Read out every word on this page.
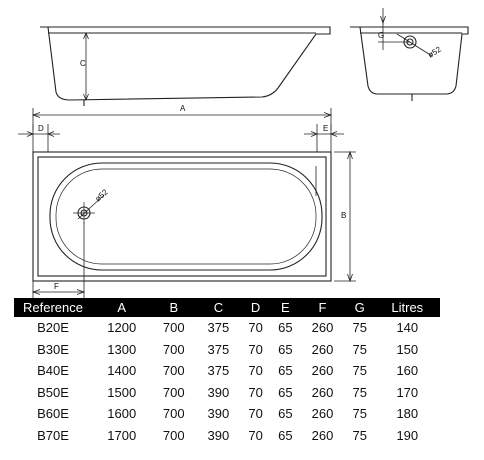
C
G
ø52
A
D	E
ø52
B
F
Reference	A	B	C	D	E	F	G	Litres
B20E	1200	700	375	70	65	260	75	140
B30E	1300	700	375	70	65	260	75	150
B40E	1400	700	375	70	65	260	75	160
B50E	1500	700	390	70	65	260	75	170
B60E	1600	700	390	70	65	260	75	180
B70E	1700	700	390	70	65	260	75	190
